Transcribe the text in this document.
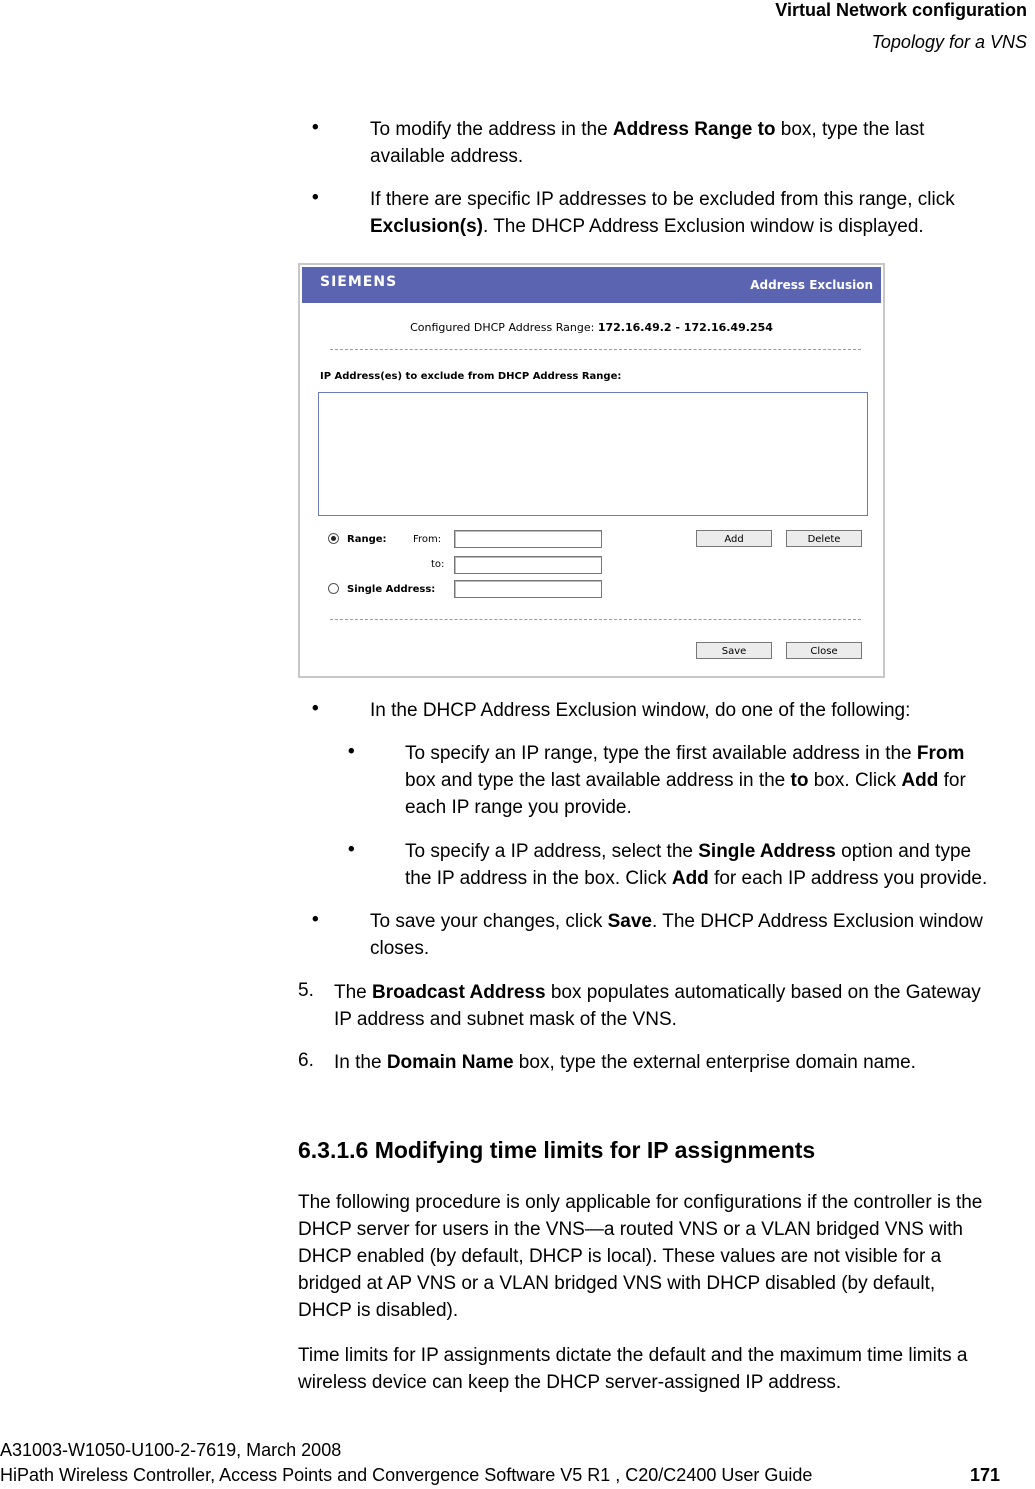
Virtual Network configuration
Topology for a VNS
•	To modify the address in the Address Range to box, type the last
available address.
•	If there are specific IP addresses to be excluded from this range, click
Exclusion(s). The DHCP Address Exclusion window is displayed.
SIEMENS	Address Exclusion
Configured DHCP Address Range: 172.16.49.2 - 172.16.49.254
IP Address(es) to exclude from DHCP Address Range:
Range:	From:
to:
Single Address:
Add	Delete
Save	Close
•	In the DHCP Address Exclusion window, do one of the following:
•	To specify an IP range, type the first available address in the From
box and type the last available address in the to box. Click Add for
each IP range you provide.
•	To specify a IP address, select the Single Address option and type
the IP address in the box. Click Add for each IP address you provide.
•	To save your changes, click Save. The DHCP Address Exclusion window
closes.
5. The Broadcast Address box populates automatically based on the Gateway
IP address and subnet mask of the VNS.
6. In the Domain Name box, type the external enterprise domain name.
6.3.1.6 Modifying time limits for IP assignments
The following procedure is only applicable for configurations if the controller is the
DHCP server for users in the VNS—a routed VNS or a VLAN bridged VNS with
DHCP enabled (by default, DHCP is local). These values are not visible for a
bridged at AP VNS or a VLAN bridged VNS with DHCP disabled (by default,
DHCP is disabled).
Time limits for IP assignments dictate the default and the maximum time limits a
wireless device can keep the DHCP server-assigned IP address.
A31003-W1050-U100-2-7619, March 2008
HiPath Wireless Controller, Access Points and Convergence Software V5 R1 , C20/C2400 User Guide	171
